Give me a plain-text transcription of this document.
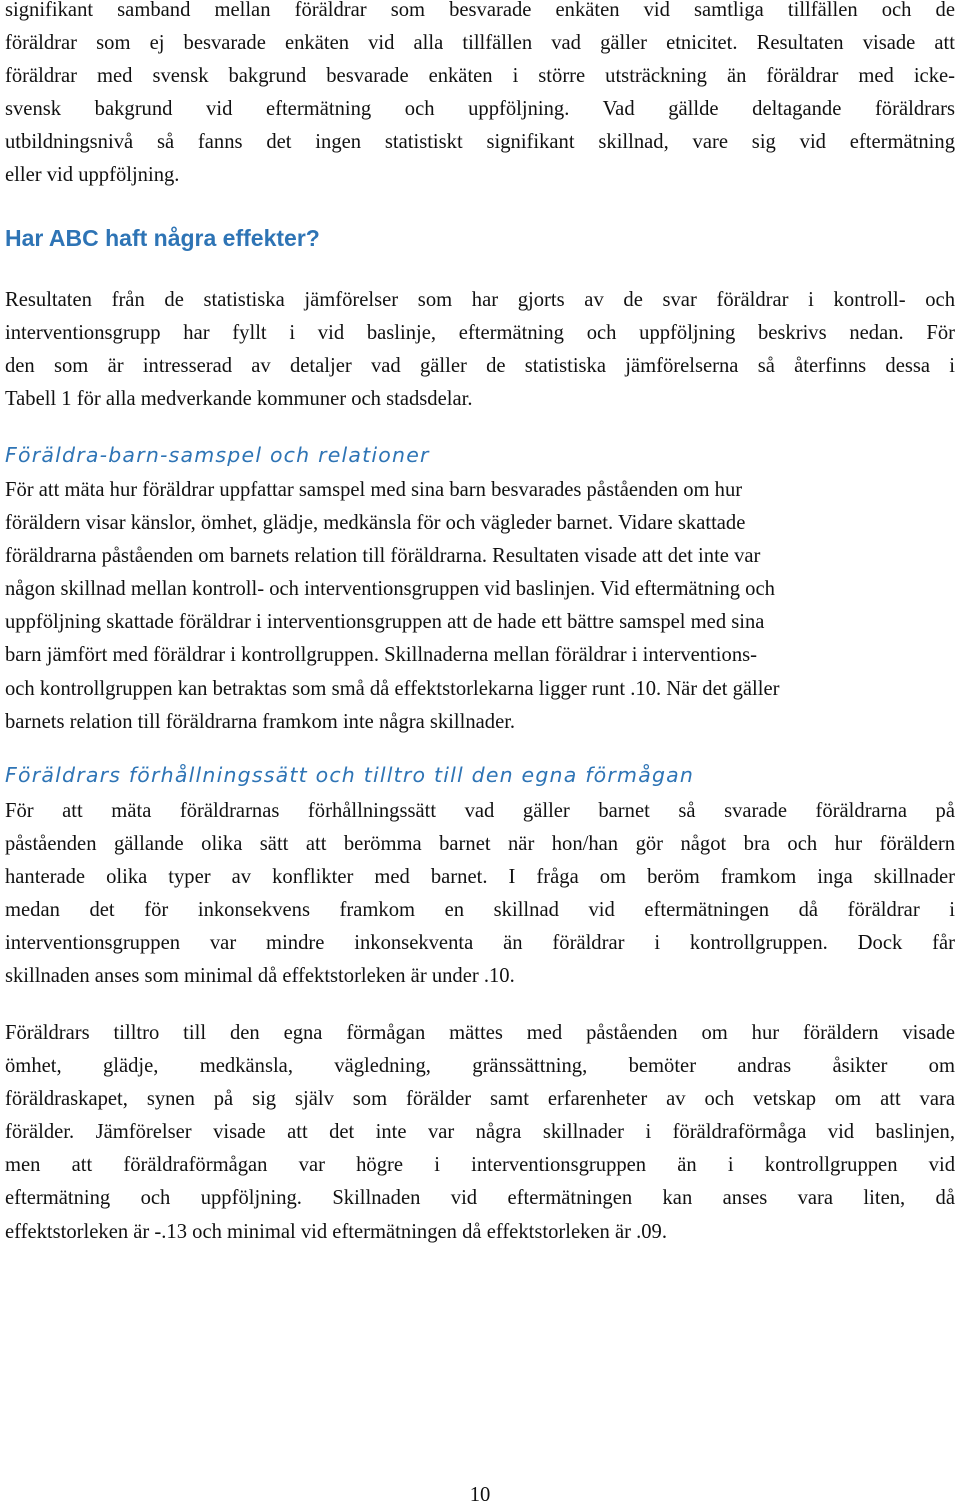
signifikant samband mellan föräldrar som besvarade enkäten vid samtliga tillfällen och de
föräldrar som ej besvarade enkäten vid alla tillfällen vad gäller etnicitet. Resultaten visade att
föräldrar med svensk bakgrund besvarade enkäten i större utsträckning än föräldrar med icke-
svensk bakgrund vid eftermätning och uppföljning. Vad gällde deltagande föräldrars
utbildningsnivå så fanns det ingen statistiskt signifikant skillnad, vare sig vid eftermätning
eller vid uppföljning.
Har ABC haft några effekter?
Resultaten från de statistiska jämförelser som har gjorts av de svar föräldrar i kontroll- och
interventionsgrupp har fyllt i vid baslinje, eftermätning och uppföljning beskrivs nedan. För
den som är intresserad av detaljer vad gäller de statistiska jämförelserna så återfinns dessa i
Tabell 1 för alla medverkande kommuner och stadsdelar.
Föräldra-barn-samspel och relationer
För att mäta hur föräldrar uppfattar samspel med sina barn besvarades påståenden om hur
föräldern visar känslor, ömhet, glädje, medkänsla för och vägleder barnet. Vidare skattade
föräldrarna påståenden om barnets relation till föräldrarna. Resultaten visade att det inte var
någon skillnad mellan kontroll- och interventionsgruppen vid baslinjen. Vid eftermätning och
uppföljning skattade föräldrar i interventionsgruppen att de hade ett bättre samspel med sina
barn jämfört med föräldrar i kontrollgruppen. Skillnaderna mellan föräldrar i interventions-
och kontrollgruppen kan betraktas som små då effektstorlekarna ligger runt .10. När det gäller
barnets relation till föräldrarna framkom inte några skillnader.
Föräldrars förhållningssätt och tilltro till den egna förmågan
För att mäta föräldrarnas förhållningssätt vad gäller barnet så svarade föräldrarna på
påståenden gällande olika sätt att berömma barnet när hon/han gör något bra och hur föräldern
hanterade olika typer av konflikter med barnet. I fråga om beröm framkom inga skillnader
medan det för inkonsekvens framkom en skillnad vid eftermätningen då föräldrar i
interventionsgruppen var mindre inkonsekventa än föräldrar i kontrollgruppen. Dock får
skillnaden anses som minimal då effektstorleken är under .10.
Föräldrars tilltro till den egna förmågan mättes med påståenden om hur föräldern visade
ömhet, glädje, medkänsla, vägledning, gränssättning, bemöter andras åsikter om
föräldraskapet, synen på sig själv som förälder samt erfarenheter av och vetskap om att vara
förälder. Jämförelser visade att det inte var några skillnader i föräldraförmåga vid baslinjen,
men att föräldraförmågan var högre i interventionsgruppen än i kontrollgruppen vid
eftermätning och uppföljning. Skillnaden vid eftermätningen kan anses vara liten, då
effektstorleken är -.13 och minimal vid eftermätningen då effektstorleken är .09.
10
